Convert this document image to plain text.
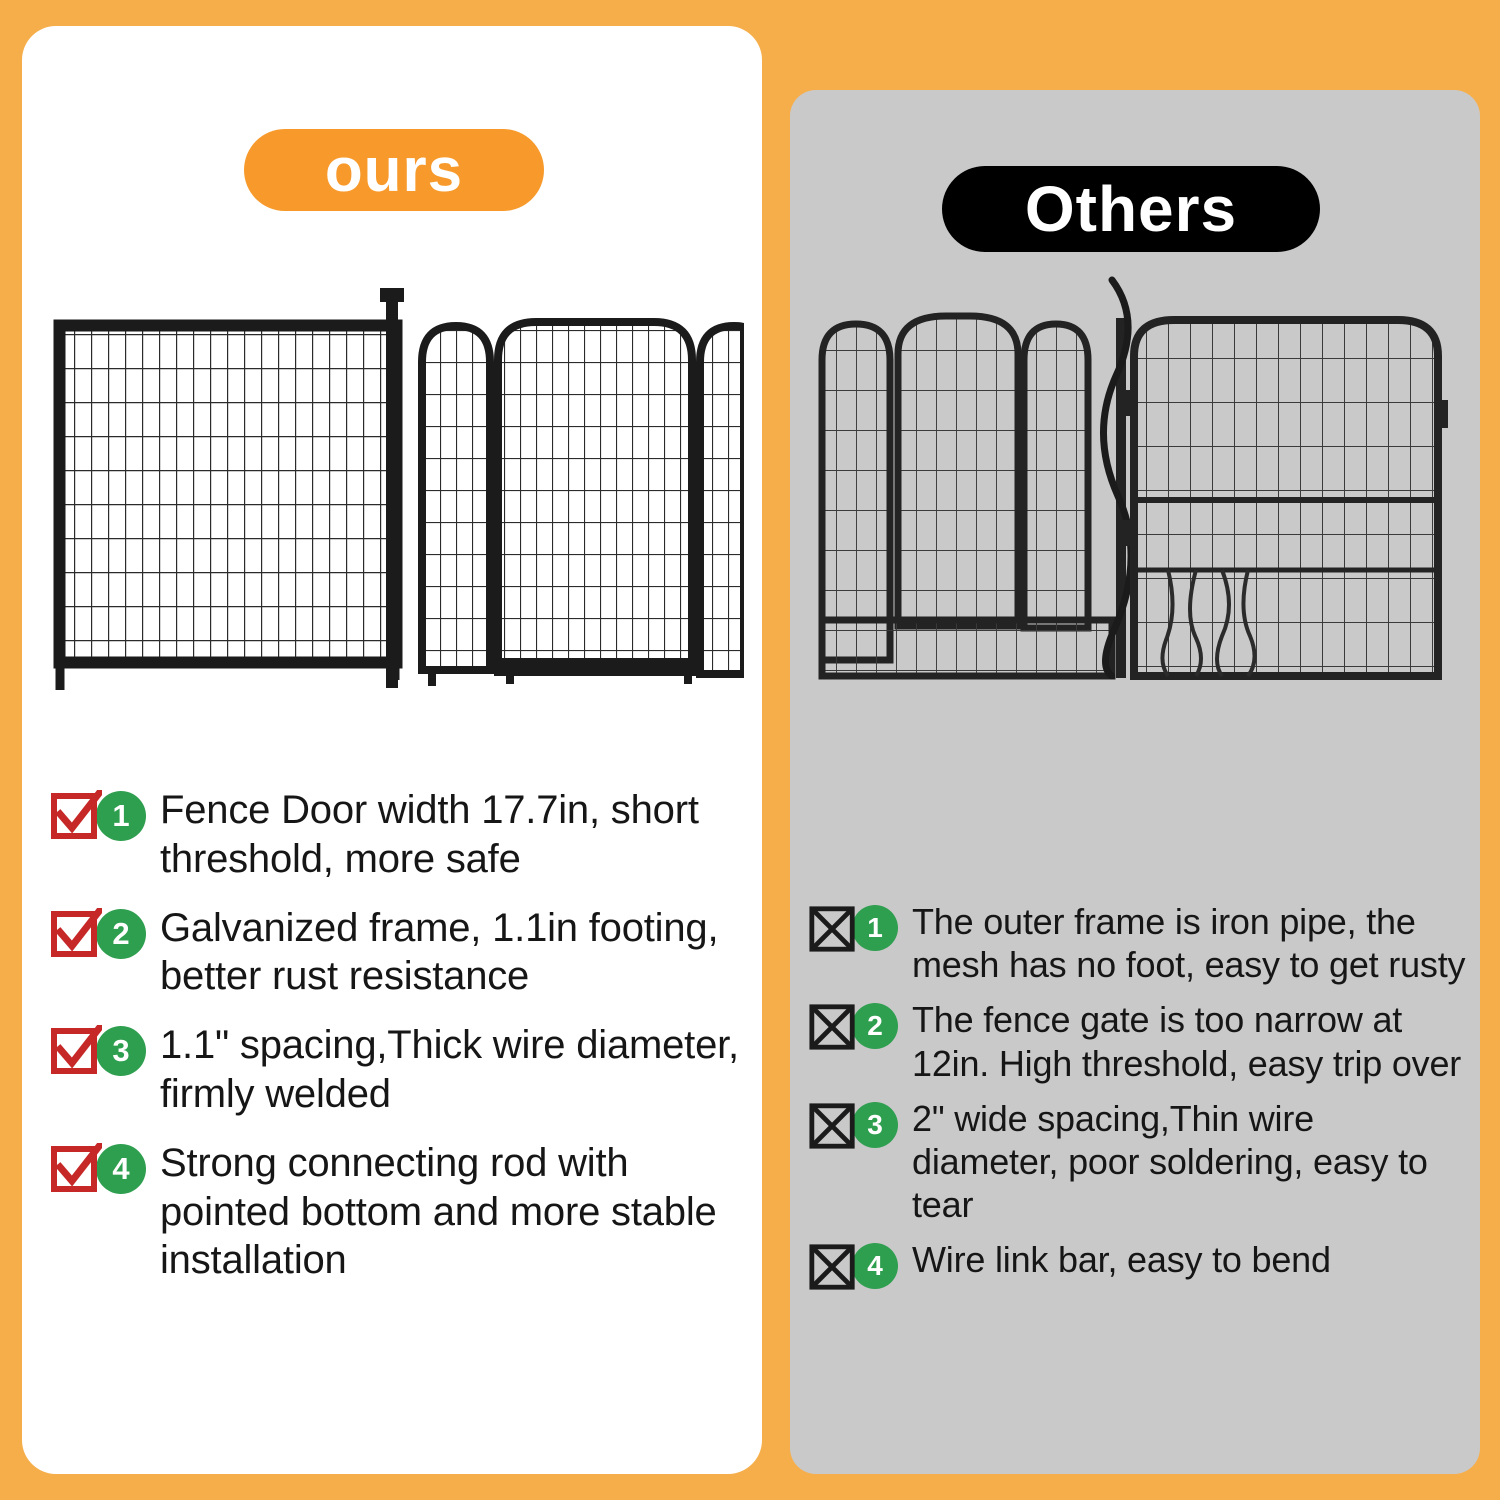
ours
1 Fence Door width 17.7in, short threshold, more safe
2 Galvanized frame, 1.1in footing, better rust resistance
3 1.1" spacing,Thick wire diameter, firmly welded
4 Strong connecting rod with pointed bottom and more stable installation
Others
1 The outer frame is iron pipe, the mesh has no foot, easy to get rusty
2 The fence gate is too narrow at 12in. High threshold, easy trip over
3 2" wide spacing,Thin wire diameter, poor soldering, easy to tear
4 Wire link bar, easy to bend
